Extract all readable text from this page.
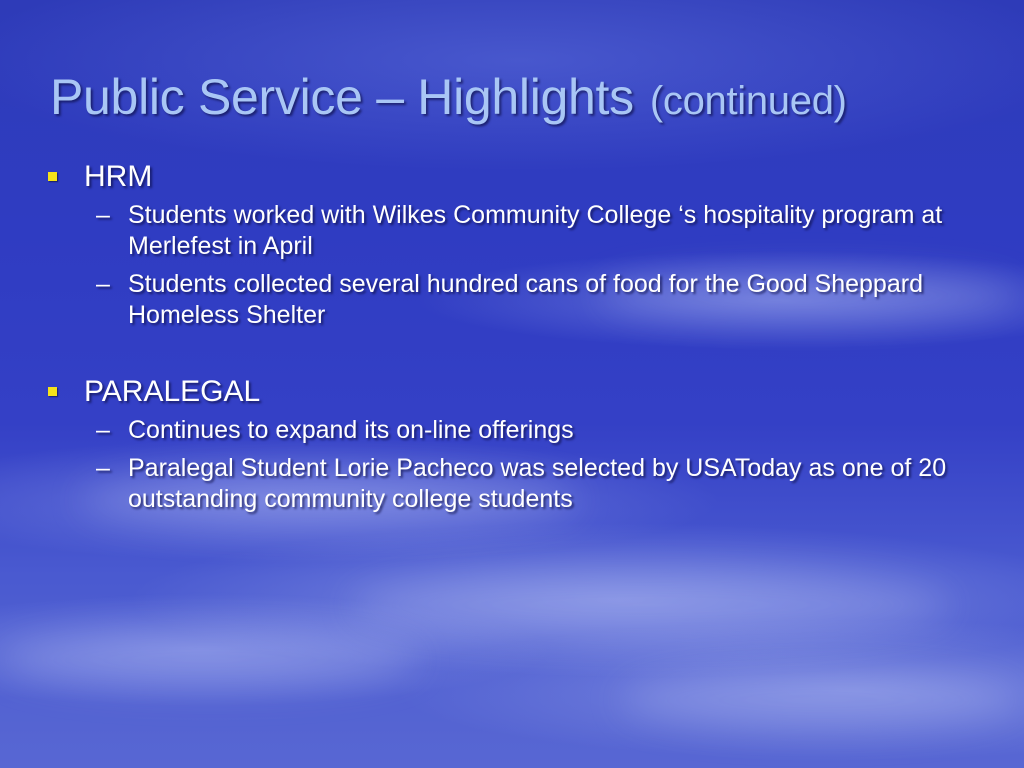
Public Service – Highlights (continued)
HRM
– Students worked with Wilkes Community College ‘s hospitality program at Merlefest in April
– Students collected several hundred cans of food for the Good Sheppard Homeless Shelter
PARALEGAL
– Continues to expand its on-line offerings
– Paralegal Student Lorie Pacheco was selected by USAToday as one of 20 outstanding community college students
